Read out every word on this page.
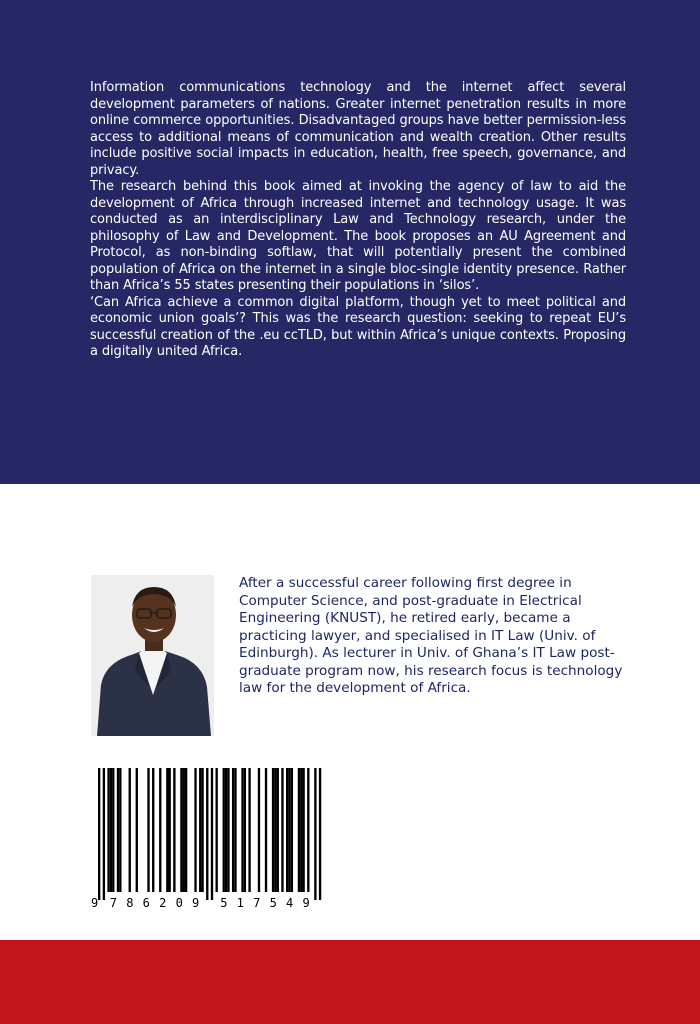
Information communications technology and the internet affect several development parameters of nations. Greater internet penetration results in more online commerce opportunities. Disadvantaged groups have better permission-less access to additional means of communication and wealth creation. Other results include positive social impacts in education, health, free speech, governance, and privacy.

The research behind this book aimed at invoking the agency of law to aid the development of Africa through increased internet and technology usage. It was conducted as an interdisciplinary Law and Technology research, under the philosophy of Law and Development. The book proposes an AU Agreement and Protocol, as non-binding softlaw, that will potentially present the combined population of Africa on the internet in a single bloc-single identity presence. Rather than Africa’s 55 states presenting their populations in ‘silos’.

‘Can Africa achieve a common digital platform, though yet to meet political and economic union goals’? This was the research question: seeking to repeat EU’s successful creation of the .eu ccTLD, but within Africa’s unique contexts. Proposing a digitally united Africa.

After a successful career following first degree in Computer Science, and post-graduate in Electrical Engineering (KNUST), he retired early, became a practicing lawyer, and specialised in IT Law (Univ. of Edinburgh). As lecturer in Univ. of Ghana’s IT Law post-graduate program now, his research focus is technology law for the development of Africa.
9 7 8 6 2 0 9 5 1 7 5 4 9
